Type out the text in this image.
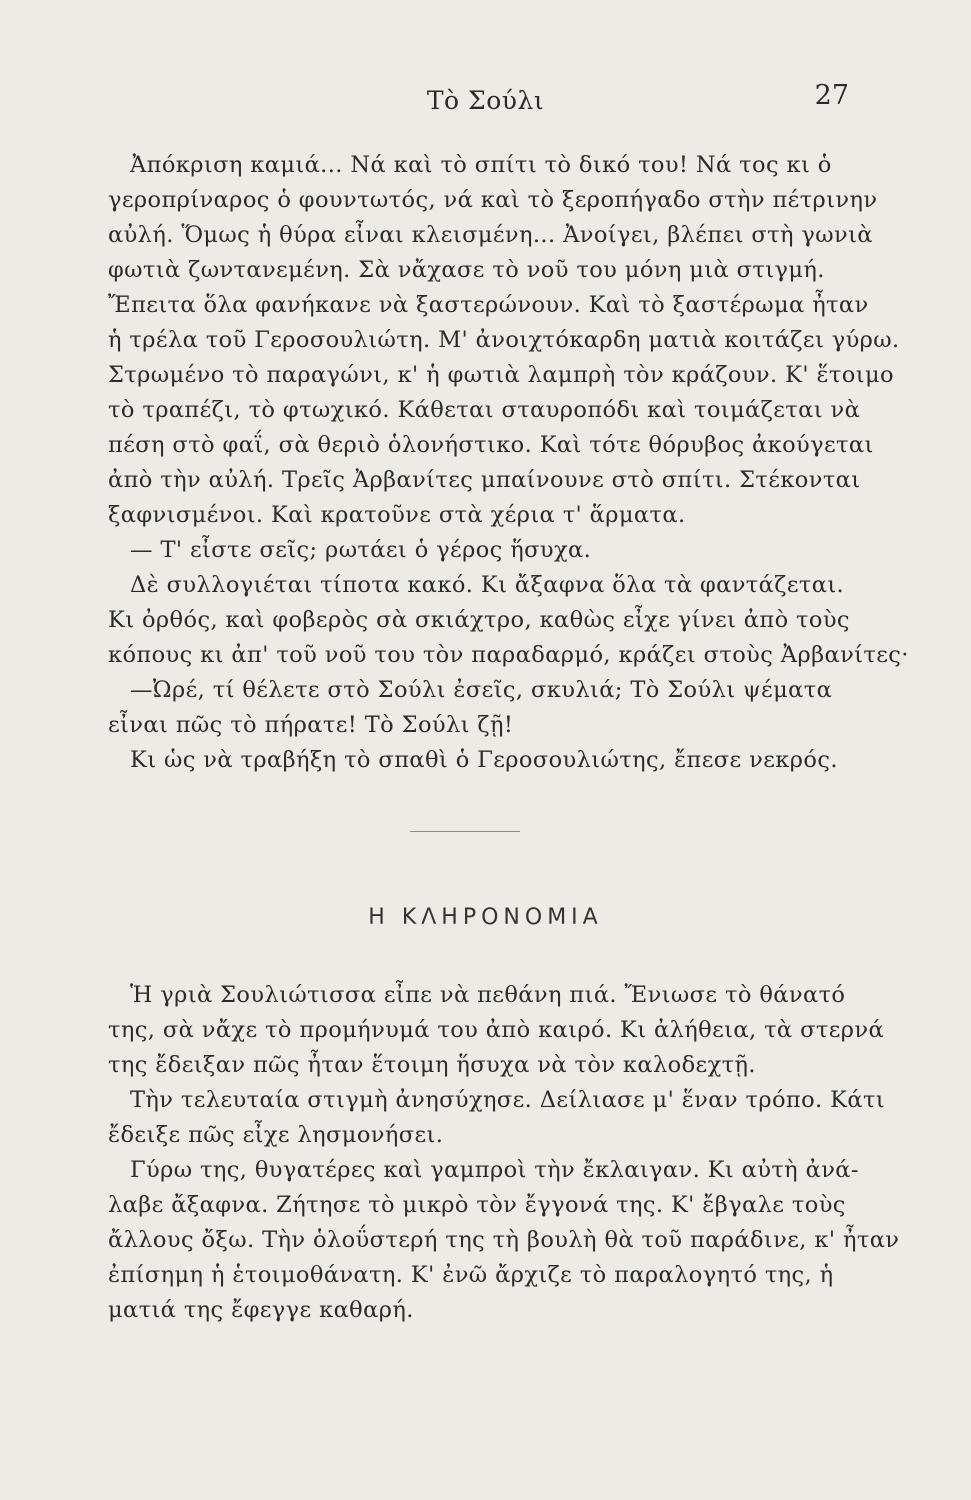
Τὸ Σούλι	27
Ἀπόκριση καμιά... Νά καὶ τὸ σπίτι τὸ δικό του! Νά τος κι ὁ
γεροπρίναρος ὁ φουντωτός, νά καὶ τὸ ξεροπήγαδο στὴν πέτρινην
αὐλή. Ὅμως ἡ θύρα εἶναι κλεισμένη... Ἀνοίγει, βλέπει στὴ γωνιὰ
φωτιὰ ζωντανεμένη. Σὰ νἄχασε τὸ νοῦ του μόνη μιὰ στιγμή.
Ἔπειτα ὅλα φανήκανε νὰ ξαστερώνουν. Καὶ τὸ ξαστέρωμα ἦταν
ἡ τρέλα τοῦ Γεροσουλιώτη. Μ' ἀνοιχτόκαρδη ματιὰ κοιτάζει γύρω.
Στρωμένο τὸ παραγώνι, κ' ἡ φωτιὰ λαμπρὴ τὸν κράζουν. Κ' ἕτοιμο
τὸ τραπέζι, τὸ φτωχικό. Κάθεται σταυροπόδι καὶ τοιμάζεται νὰ
πέση στὸ φαΐ, σὰ θεριὸ ὁλονήστικο. Καὶ τότε θόρυβος ἀκούγεται
ἀπὸ τὴν αὐλή. Τρεῖς Ἀρβανίτες μπαίνουνε στὸ σπίτι. Στέκονται
ξαφνισμένοι. Καὶ κρατοῦνε στὰ χέρια τ' ἅρματα.
— Τ' εἶστε σεῖς; ρωτάει ὁ γέρος ἥσυχα.
Δὲ συλλογιέται τίποτα κακό. Κι ἄξαφνα ὅλα τὰ φαντάζεται.
Κι ὀρθός, καὶ φοβερὸς σὰ σκιάχτρο, καθὼς εἶχε γίνει ἀπὸ τοὺς
κόπους κι ἀπ' τοῦ νοῦ του τὸν παραδαρμό, κράζει στοὺς Ἀρβανίτες·
—Ὠρέ, τί θέλετε στὸ Σούλι ἐσεῖς, σκυλιά; Τὸ Σούλι ψέματα
εἶναι πῶς τὸ πήρατε! Τὸ Σούλι ζῇ!
Κι ὡς νὰ τραβήξη τὸ σπαθὶ ὁ Γεροσουλιώτης, ἔπεσε νεκρός.
Η ΚΛΗΡΟΝΟΜΙΑ
Ἡ γριὰ Σουλιώτισσα εἶπε νὰ πεθάνη πιά. Ἔνιωσε τὸ θάνατό
της, σὰ νἄχε τὸ προμήνυμά του ἀπὸ καιρό. Κι ἀλήθεια, τὰ στερνά
της ἔδειξαν πῶς ἦταν ἕτοιμη ἥσυχα νὰ τὸν καλοδεχτῇ.
Τὴν τελευταία στιγμὴ ἀνησύχησε. Δείλιασε μ' ἕναν τρόπο. Κάτι
ἔδειξε πῶς εἶχε λησμονήσει.
Γύρω της, θυγατέρες καὶ γαμπροὶ τὴν ἔκλαιγαν. Κι αὐτὴ ἀνά-
λαβε ἄξαφνα. Ζήτησε τὸ μικρὸ τὸν ἔγγονά της. Κ' ἔβγαλε τοὺς
ἄλλους ὄξω. Τὴν ὁλοΰστερή της τὴ βουλὴ θὰ τοῦ παράδινε, κ' ἦταν
ἐπίσημη ἡ ἑτοιμοθάνατη. Κ' ἐνῶ ἄρχιζε τὸ παραλογητό της, ἡ
ματιά της ἔφεγγε καθαρή.
